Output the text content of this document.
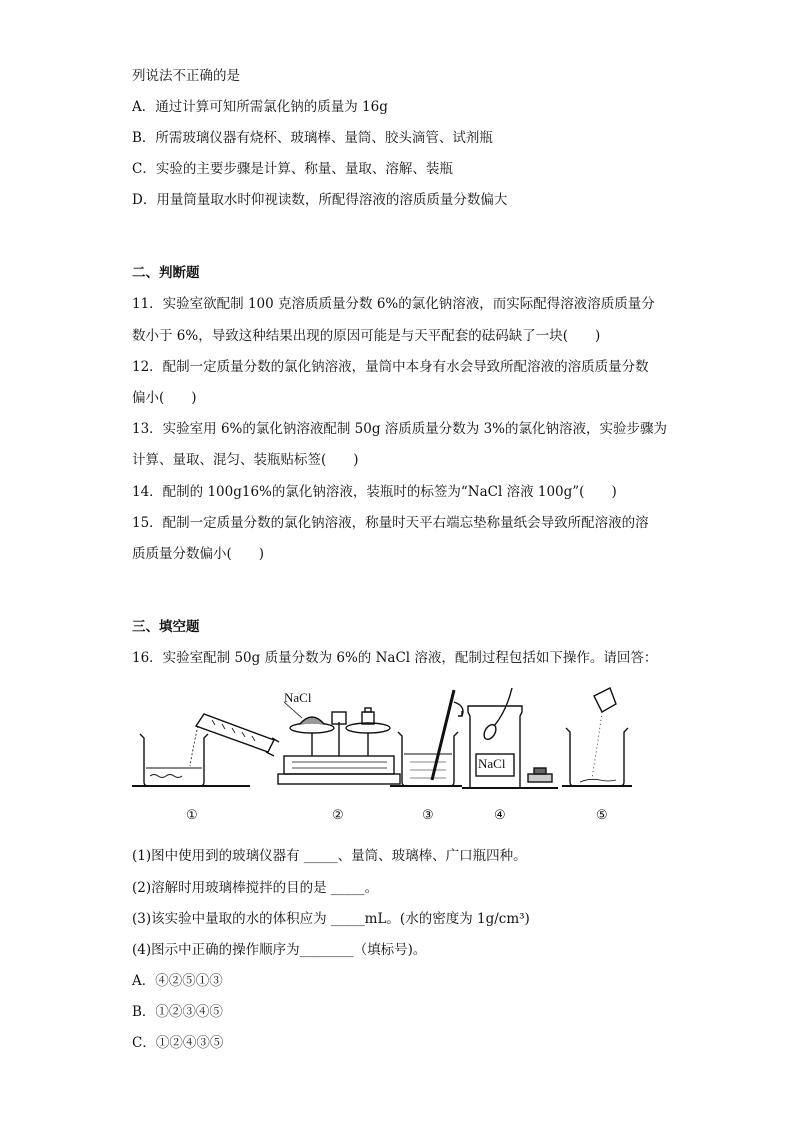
列说法不正确的是
A．通过计算可知所需氯化钠的质量为 16g
B．所需玻璃仪器有烧杯、玻璃棒、量筒、胶头滴管、试剂瓶
C．实验的主要步骤是计算、称量、量取、溶解、装瓶
D．用量筒量取水时仰视读数，所配得溶液的溶质质量分数偏大
二、判断题
11．实验室欲配制 100 克溶质质量分数 6%的氯化钠溶液，而实际配得溶液溶质质量分
数小于 6%，导致这种结果出现的原因可能是与天平配套的砝码缺了一块(　　)
12．配制一定质量分数的氯化钠溶液，量筒中本身有水会导致所配溶液的溶质质量分数
偏小(　　)
13．实验室用 6%的氯化钠溶液配制 50g 溶质质量分数为 3%的氯化钠溶液，实验步骤为
计算、量取、混匀、装瓶贴标签(　　)
14．配制的 100g16%的氯化钠溶液，装瓶时的标签为“NaCl 溶液 100g”(　　)
15．配制一定质量分数的氯化钠溶液，称量时天平右端忘垫称量纸会导致所配溶液的溶
质质量分数偏小(　　)
三、填空题
16．实验室配制 50g 质量分数为 6%的 NaCl 溶液，配制过程包括如下操作。请回答：
NaCl
NaCl
①	②	③	④	⑤
(1)图中使用到的玻璃仪器有 _____、量筒、玻璃棒、广口瓶四种。
(2)溶解时用玻璃棒搅拌的目的是 _____。
(3)该实验中量取的水的体积应为 _____mL。(水的密度为 1g/cm³)
(4)图示中正确的操作顺序为________（填标号)。
A．④②⑤①③
B．①②③④⑤
C．①②④③⑤
